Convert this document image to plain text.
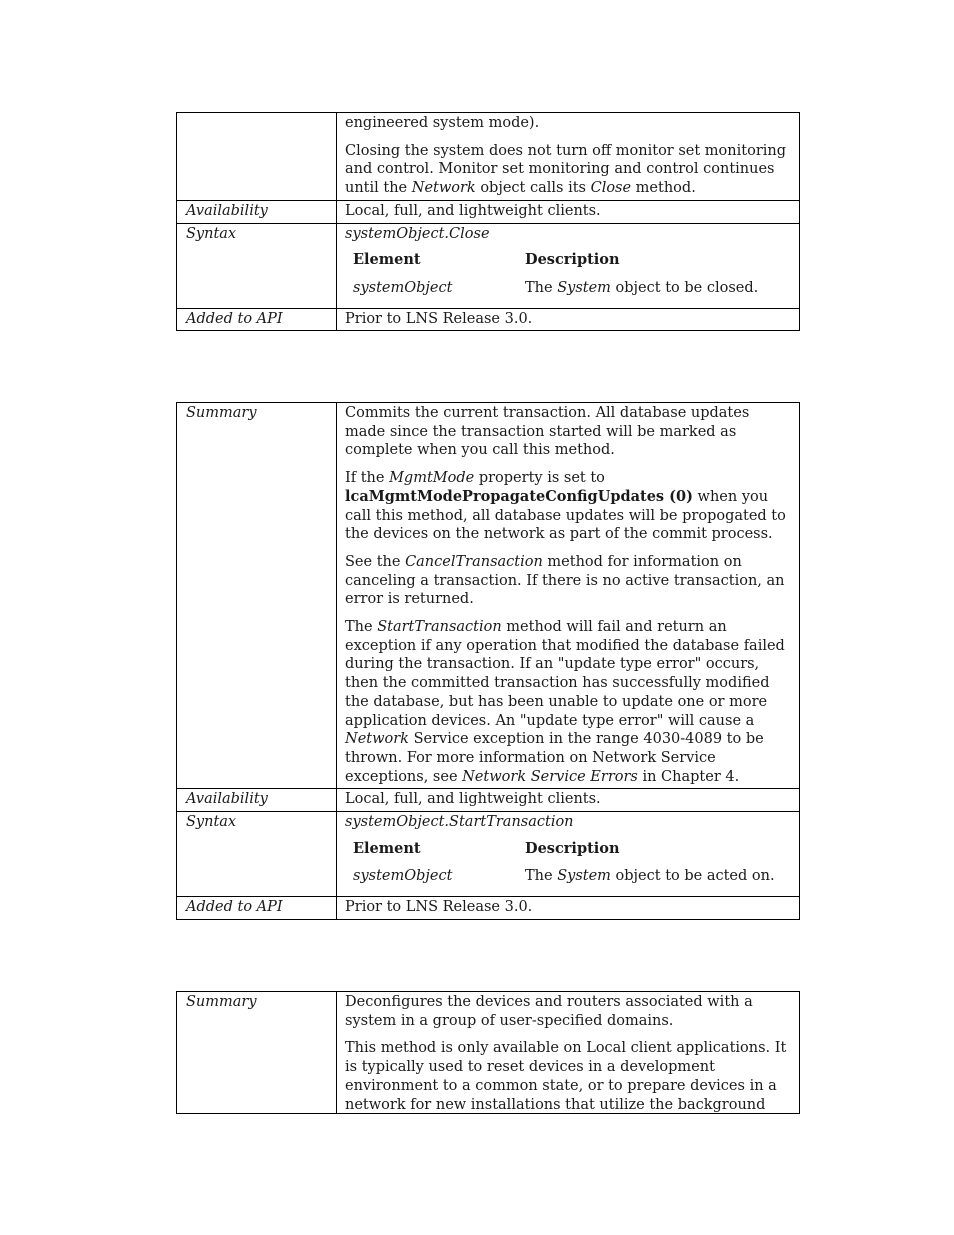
engineered system mode).

Closing the system does not turn off monitor set monitoring and control. Monitor set monitoring and control continues until the Network object calls its Close method.

Availability	Local, full, and lightweight clients.
Syntax	systemObject.Close
Element	Description
systemObject	The System object to be closed.
Added to API	Prior to LNS Release 3.0.
Summary	Commits the current transaction. All database updates made since the transaction started will be marked as complete when you call this method.

If the MgmtMode property is set to lcaMgmtModePropagateConfigUpdates (0) when you call this method, all database updates will be propogated to the devices on the network as part of the commit process.

See the CancelTransaction method for information on canceling a transaction. If there is no active transaction, an error is returned.

The StartTransaction method will fail and return an exception if any operation that modified the database failed during the transaction. If an "update type error" occurs, then the committed transaction has successfully modified the database, but has been unable to update one or more application devices. An "update type error" will cause a Network Service exception in the range 4030-4089 to be thrown. For more information on Network Service exceptions, see Network Service Errors in Chapter 4.

Availability	Local, full, and lightweight clients.
Syntax	systemObject.StartTransaction
Element	Description
systemObject	The System object to be acted on.
Added to API	Prior to LNS Release 3.0.
Summary	Deconfigures the devices and routers associated with a system in a group of user-specified domains.

This method is only available on Local client applications. It is typically used to reset devices in a development environment to a common state, or to prepare devices in a network for new installations that utilize the background
